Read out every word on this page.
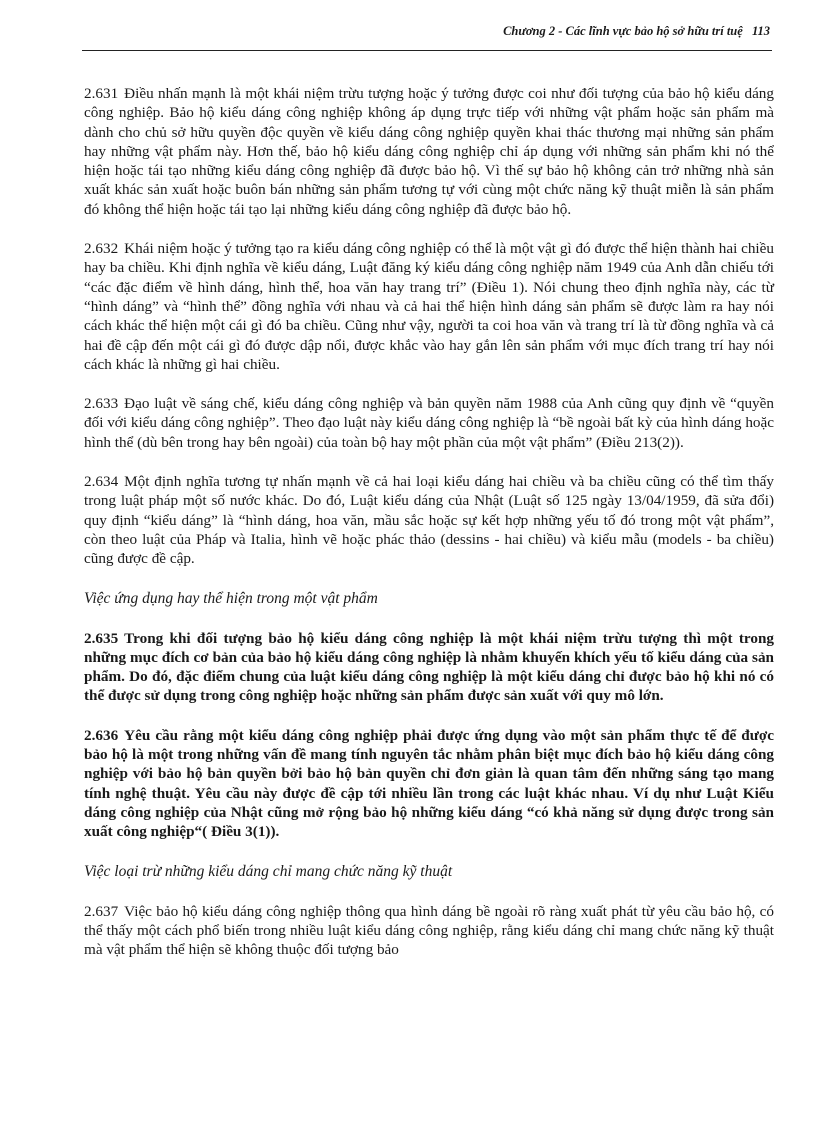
Chương 2 - Các lĩnh vực bảo hộ sở hữu trí tuệ 113

2.631 Điều nhấn mạnh là một khái niệm trừu tượng hoặc ý tưởng được coi như đối tượng của bảo hộ kiểu dáng công nghiệp. Bảo hộ kiểu dáng công nghiệp không áp dụng trực tiếp với những vật phẩm hoặc sản phẩm mà dành cho chủ sở hữu quyền độc quyền về kiểu dáng công nghiệp quyền khai thác thương mại những sản phẩm hay những vật phẩm này. Hơn thế, bảo hộ kiểu dáng công nghiệp chỉ áp dụng với những sản phẩm khi nó thể hiện hoặc tái tạo những kiểu dáng công nghiệp đã được bảo hộ. Vì thế sự bảo hộ không cản trở những nhà sản xuất khác sản xuất hoặc buôn bán những sản phẩm tương tự với cùng một chức năng kỹ thuật miễn là sản phẩm đó không thể hiện hoặc tái tạo lại những kiểu dáng công nghiệp đã được bảo hộ.

2.632 Khái niệm hoặc ý tưởng tạo ra kiểu dáng công nghiệp có thể là một vật gì đó được thể hiện thành hai chiều hay ba chiều. Khi định nghĩa về kiểu dáng, Luật đăng ký kiểu dáng công nghiệp năm 1949 của Anh dẫn chiếu tới “các đặc điểm về hình dáng, hình thể, hoa văn hay trang trí” (Điều 1). Nói chung theo định nghĩa này, các từ “hình dáng” và “hình thể” đồng nghĩa với nhau và cả hai thể hiện hình dáng sản phẩm sẽ được làm ra hay nói cách khác thể hiện một cái gì đó ba chiều. Cũng như vậy, người ta coi hoa văn và trang trí là từ đồng nghĩa và cả hai đề cập đến một cái gì đó được dập nổi, được khắc vào hay gắn lên sản phẩm với mục đích trang trí hay nói cách khác là những gì hai chiều.

2.633 Đạo luật về sáng chế, kiểu dáng công nghiệp và bản quyền năm 1988 của Anh cũng quy định về “quyền đối với kiểu dáng công nghiệp”. Theo đạo luật này kiểu dáng công nghiệp là “bề ngoài bất kỳ của hình dáng hoặc hình thể (dù bên trong hay bên ngoài) của toàn bộ hay một phần của một vật phẩm” (Điều 213(2)).

2.634 Một định nghĩa tương tự nhấn mạnh về cả hai loại kiểu dáng hai chiều và ba chiều cũng có thể tìm thấy trong luật pháp một số nước khác. Do đó, Luật kiểu dáng của Nhật (Luật số 125 ngày 13/04/1959, đã sửa đổi) quy định “kiểu dáng” là “hình dáng, hoa văn, mầu sắc hoặc sự kết hợp những yếu tố đó trong một vật phẩm”, còn theo luật của Pháp và Italia, hình vẽ hoặc phác thảo (dessins - hai chiều) và kiểu mẫu (models - ba chiều) cũng được đề cập.

Việc ứng dụng hay thể hiện trong một vật phẩm

2.635 Trong khi đối tượng bảo hộ kiểu dáng công nghiệp là một khái niệm trừu tượng thì một trong những mục đích cơ bản của bảo hộ kiểu dáng công nghiệp là nhằm khuyến khích yếu tố kiểu dáng của sản phẩm. Do đó, đặc điểm chung của luật kiểu dáng công nghiệp là một kiểu dáng chỉ được bảo hộ khi nó có thể được sử dụng trong công nghiệp hoặc những sản phẩm được sản xuất với quy mô lớn.

2.636 Yêu cầu rằng một kiểu dáng công nghiệp phải được ứng dụng vào một sản phẩm thực tế để được bảo hộ là một trong những vấn đề mang tính nguyên tắc nhằm phân biệt mục đích bảo hộ kiểu dáng công nghiệp với bảo hộ bản quyền bởi bảo hộ bản quyền chỉ đơn giản là quan tâm đến những sáng tạo mang tính nghệ thuật. Yêu cầu này được đề cập tới nhiều lần trong các luật khác nhau. Ví dụ như Luật Kiểu dáng công nghiệp của Nhật cũng mở rộng bảo hộ những kiểu dáng “có khả năng sử dụng được trong sản xuất công nghiệp“( Điều 3(1)).

Việc loại trừ những kiểu dáng chỉ mang chức năng kỹ thuật

2.637 Việc bảo hộ kiểu dáng công nghiệp thông qua hình dáng bề ngoài rõ ràng xuất phát từ yêu cầu bảo hộ, có thể thấy một cách phổ biến trong nhiều luật kiểu dáng công nghiệp, rằng kiểu dáng chỉ mang chức năng kỹ thuật mà vật phẩm thể hiện sẽ không thuộc đối tượng bảo
